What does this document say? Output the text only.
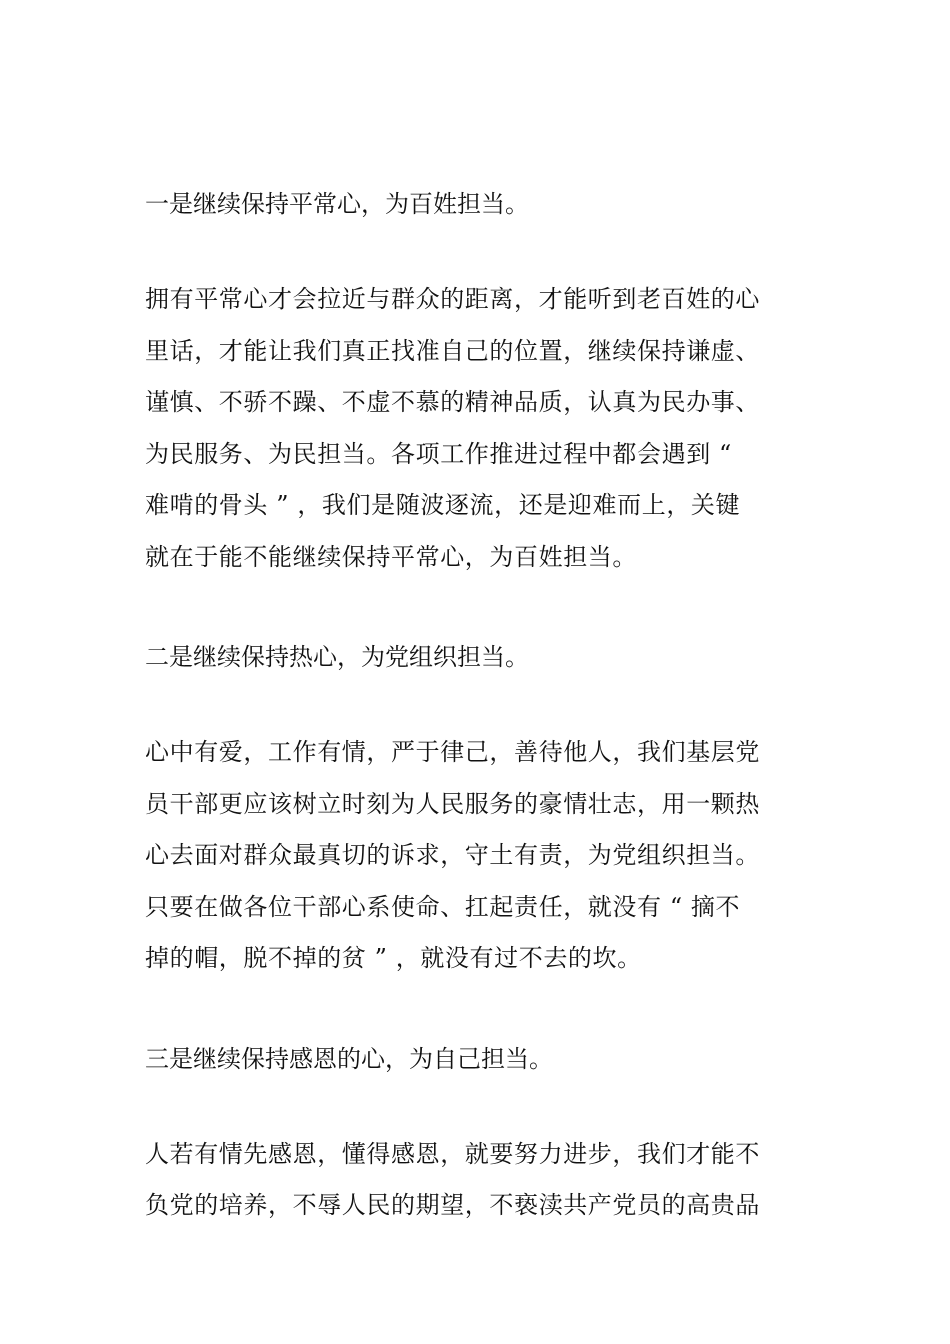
一是继续保持平常心，为百姓担当。

拥有平常心才会拉近与群众的距离，才能听到老百姓的心
里话，才能让我们真正找准自己的位置，继续保持谦虚、
谨慎、不骄不躁、不虚不慕的精神品质，认真为民办事、
为民服务、为民担当。各项工作推进过程中都会遇到 “
难啃的骨头 ” ，我们是随波逐流，还是迎难而上，关键
就在于能不能继续保持平常心，为百姓担当。

二是继续保持热心，为党组织担当。

心中有爱，工作有情，严于律己，善待他人，我们基层党
员干部更应该树立时刻为人民服务的豪情壮志，用一颗热
心去面对群众最真切的诉求，守土有责，为党组织担当。
只要在做各位干部心系使命、扛起责任，就没有 “ 摘不
掉的帽，脱不掉的贫 ” ，就没有过不去的坎。

三是继续保持感恩的心，为自己担当。

人若有情先感恩，懂得感恩，就要努力进步，我们才能不
负党的培养，不辱人民的期望，不亵渎共产党员的高贵品
